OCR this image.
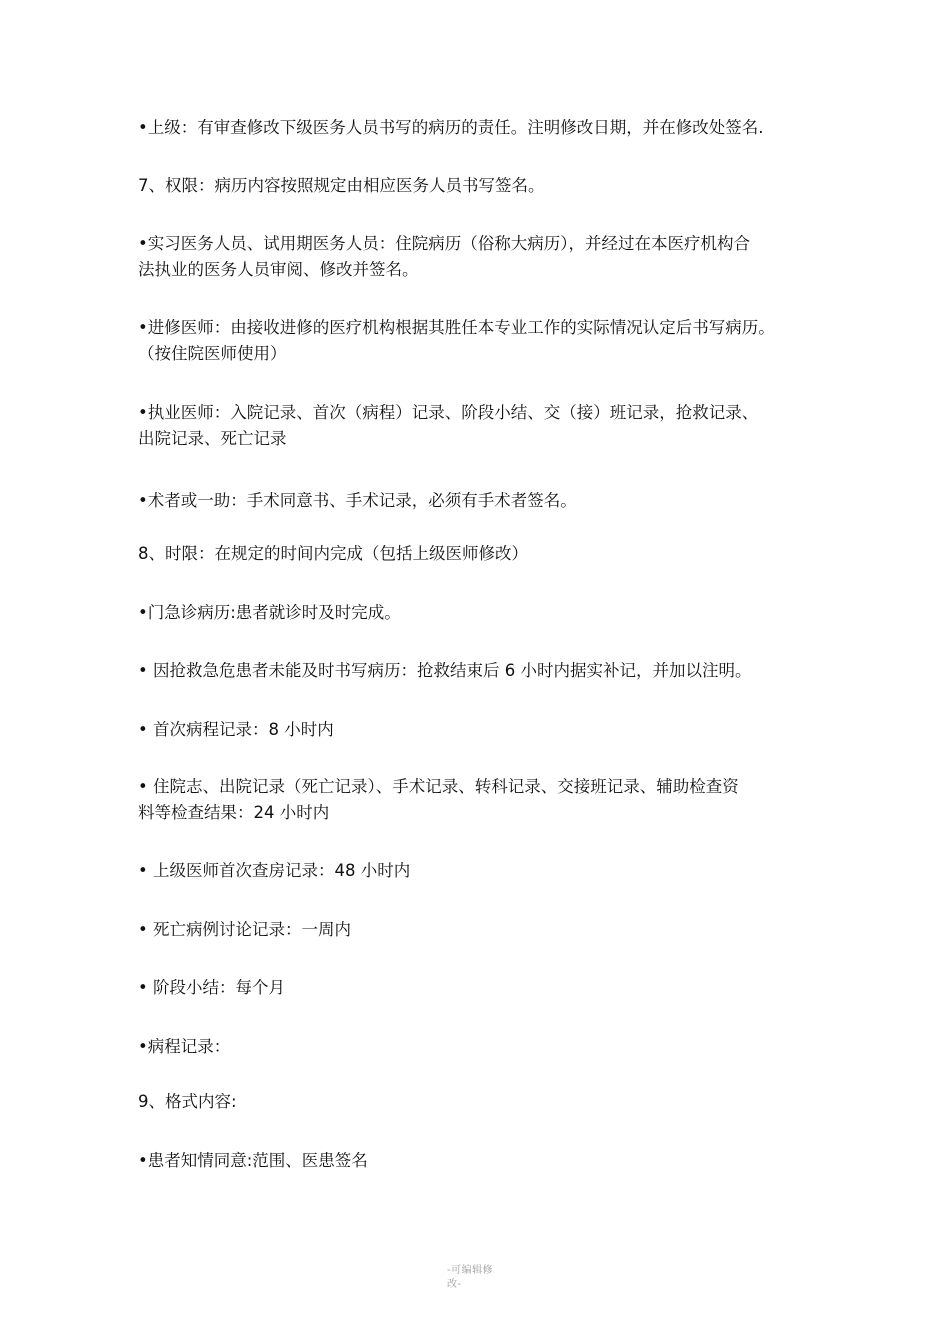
•上级：有审查修改下级医务人员书写的病历的责任。注明修改日期，并在修改处签名.
7、权限：病历内容按照规定由相应医务人员书写签名。
•实习医务人员、试用期医务人员：住院病历（俗称大病历），并经过在本医疗机构合
法执业的医务人员审阅、修改并签名。
•进修医师：由接收进修的医疗机构根据其胜任本专业工作的实际情况认定后书写病历。
（按住院医师使用）
•执业医师：入院记录、首次（病程）记录、阶段小结、交（接）班记录，抢救记录、
出院记录、死亡记录
•术者或一助：手术同意书、手术记录，必须有手术者签名。
8、时限：在规定的时间内完成（包括上级医师修改）
•门急诊病历:患者就诊时及时完成。
• 因抢救急危患者未能及时书写病历：抢救结束后 6 小时内据实补记，并加以注明。
• 首次病程记录：8 小时内
• 住院志、出院记录（死亡记录）、手术记录、转科记录、交接班记录、辅助检查资
料等检查结果：24 小时内
• 上级医师首次查房记录：48 小时内
• 死亡病例讨论记录：一周内
• 阶段小结：每个月
•病程记录：
9、格式内容:
•患者知情同意:范围、医患签名
-可编辑修
改-
